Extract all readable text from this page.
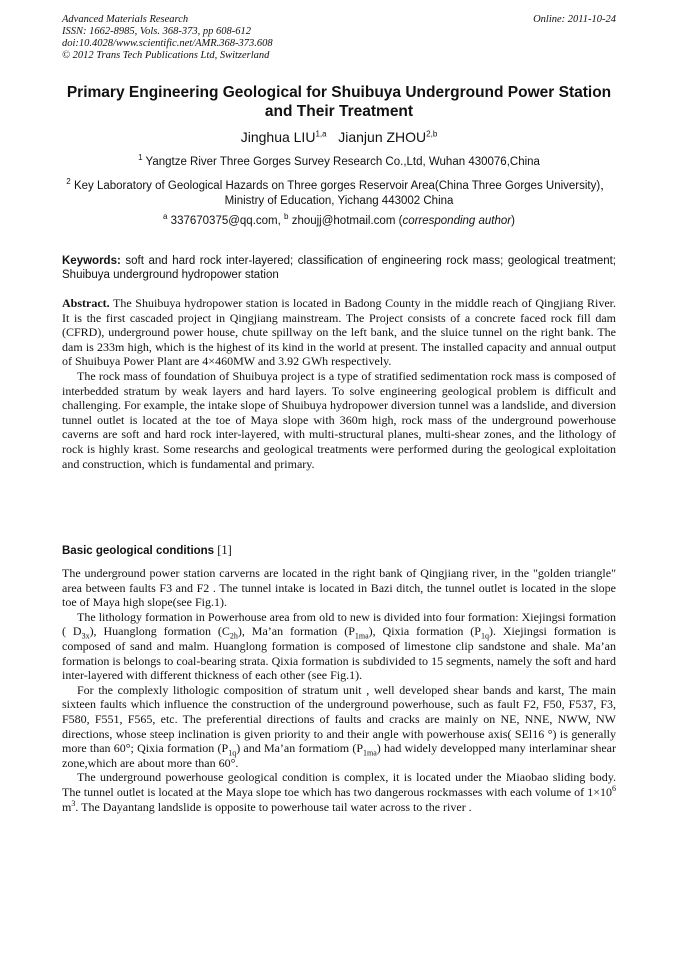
Advanced Materials Research
ISSN: 1662-8985, Vols. 368-373, pp 608-612
doi:10.4028/www.scientific.net/AMR.368-373.608
© 2012 Trans Tech Publications Ltd, Switzerland
Online: 2011-10-24
Primary Engineering Geological for Shuibuya Underground Power Station and Their Treatment
Jinghua LIU$^{1,a}$ Jianjun ZHOU$^{2,b}$
$^1$ Yangtze River Three Gorges Survey Research Co.,Ltd, Wuhan 430076,China
$^2$ Key Laboratory of Geological Hazards on Three gorges Reservoir Area(China Three Gorges University)，Ministry of Education, Yichang 443002 China
$^a$ 337670375@qq.com, $^b$ zhoujj@hotmail.com (corresponding author)
Keywords: soft and hard rock inter-layered; classification of engineering rock mass; geological treatment; Shuibuya underground hydropower station

Abstract. The Shuibuya hydropower station is located in Badong County in the middle reach of Qingjiang River. It is the first cascaded project in Qingjiang mainstream. The Project consists of a concrete faced rock fill dam (CFRD), underground power house, chute spillway on the left bank, and the sluice tunnel on the right bank. The dam is 233m high, which is the highest of its kind in the world at present. The installed capacity and annual output of Shuibuya Power Plant are 4×460MW and 3.92 GWh respectively.

The rock mass of foundation of Shuibuya project is a type of stratified sedimentation rock mass is composed of interbedded stratum by weak layers and hard layers. To solve engineering geological problem is difficult and challenging. For example, the intake slope of Shuibuya hydropower diversion tunnel was a landslide, and diversion tunnel outlet is located at the toe of Maya slope with 360m high, rock mass of the underground powerhouse caverns are soft and hard rock inter-layered, with multi-structural planes, multi-shear zones, and the lithology of rock is highly krast. Some researchs and geological treatments were performed during the geological exploitation and construction, which is fundamental and primary.

Basic geological conditions [1]

The underground power station carverns are located in the right bank of Qingjiang river, in the "golden triangle" area between faults F3 and F2 . The tunnel intake is located in Bazi ditch, the tunnel outlet is located in the slope toe of Maya high slope(see Fig.1).

The lithology formation in Powerhouse area from old to new is divided into four formation: Xiejingsi formation ( $D_{3x}$), Huanglong formation $(C_{2h})$, Ma’an formation $(P_{1ma})$, Qixia formation $(P_{1q})$. Xiejingsi formation is composed of sand and malm. Huanglong formation is composed of limestone clip sandstone and shale. Ma’an formation is belongs to coal-bearing strata. Qixia formation is subdivided to 15 segments, namely the soft and hard inter-layered with different thickness of each other (see Fig.1).

For the complexly lithologic composition of stratum unit , well developed shear bands and karst, The main sixteen faults which influence the construction of the underground powerhouse, such as fault F2, F50, F537, F3, F580, F551, F565, etc. The preferential directions of faults and cracks are mainly on NE, NNE, NWW, NW directions, whose steep inclination is given priority to and their angle with powerhouse axis( SEl16 °) is generally more than 60°; Qixia formation $(P_{1q})$ and Ma’an formatiom $(P_{1ma})$ had widely developped many interlaminar shear zone,which are about more than 60°.

The underground powerhouse geological condition is complex, it is located under the Miaobao sliding body. The tunnel outlet is located at the Maya slope toe which has two dangerous rockmasses with each volume of $1\times 10^6$ $m^3$. The Dayantang landslide is opposite to powerhouse tail water across to the river .
